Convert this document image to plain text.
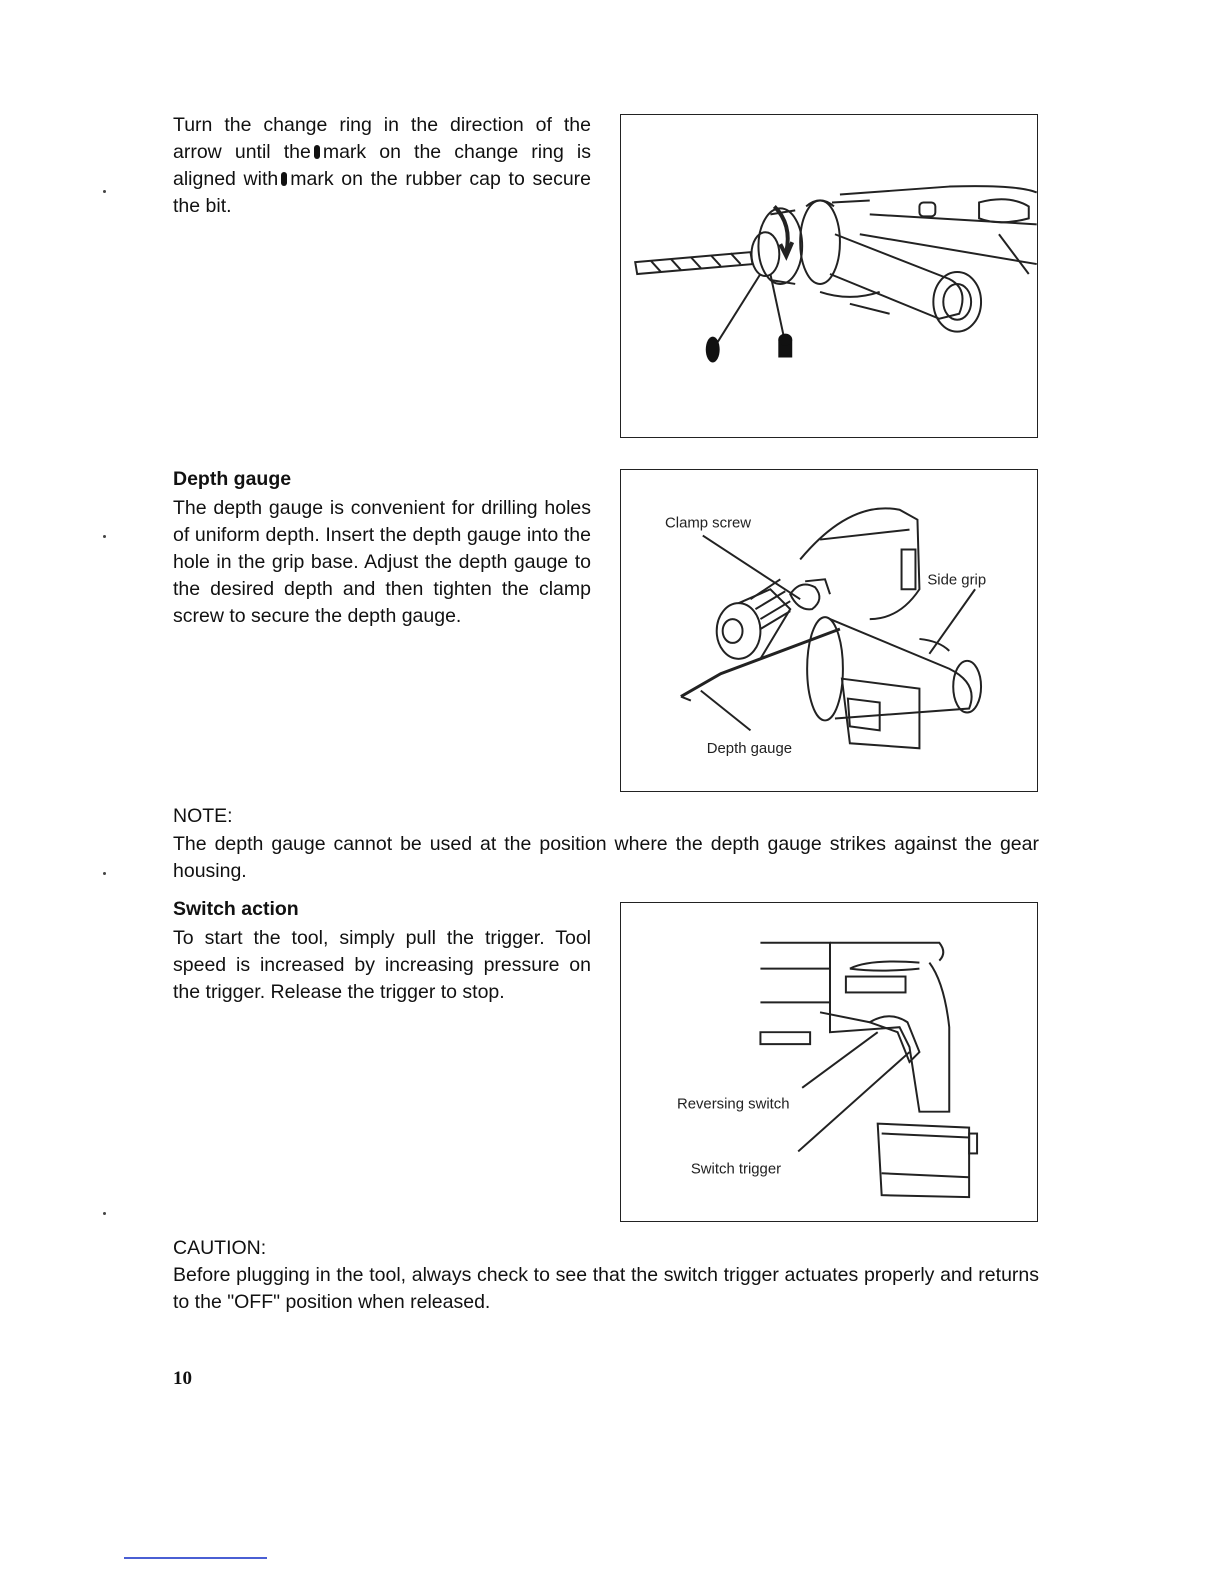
Turn the change ring in the direction of the arrow until the mark on the change ring is aligned with mark on the rubber cap to secure the bit.

Depth gauge

The depth gauge is convenient for drilling holes of uniform depth. Insert the depth gauge into the hole in the grip base. Adjust the depth gauge to the desired depth and then tighten the clamp screw to secure the depth gauge.

Clamp screw
Side grip
Depth gauge

NOTE:

The depth gauge cannot be used at the position where the depth gauge strikes against the gear housing.

Switch action

To start the tool, simply pull the trigger. Tool speed is increased by increasing pressure on the trigger. Release the trigger to stop.

Reversing switch
Switch trigger

CAUTION:

Before plugging in the tool, always check to see that the switch trigger actuates properly and returns to the "OFF" position when released.

10
